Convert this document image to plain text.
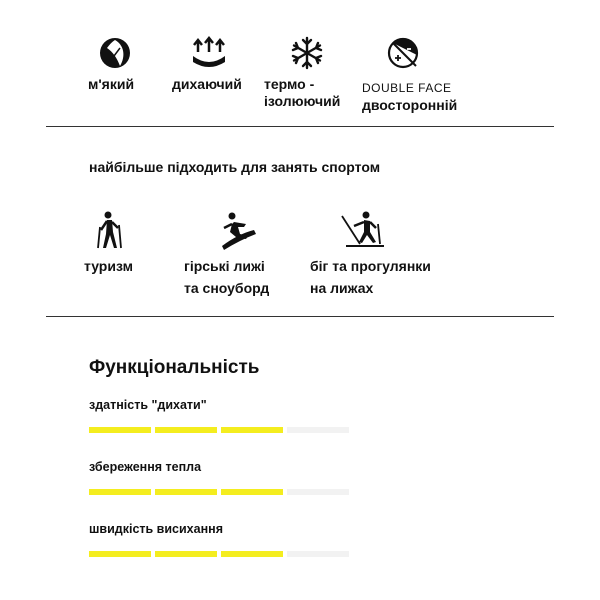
м'який	дихаючий термо -
ізолюючий
DOUBLE FACE
двосторонній
найбільше підходить для занять спортом
туризм	гірські лижі
та сноуборд
біг та прогулянки
на лижах
Функціональність
здатність "дихати"
збереження тепла
швидкість висихання
